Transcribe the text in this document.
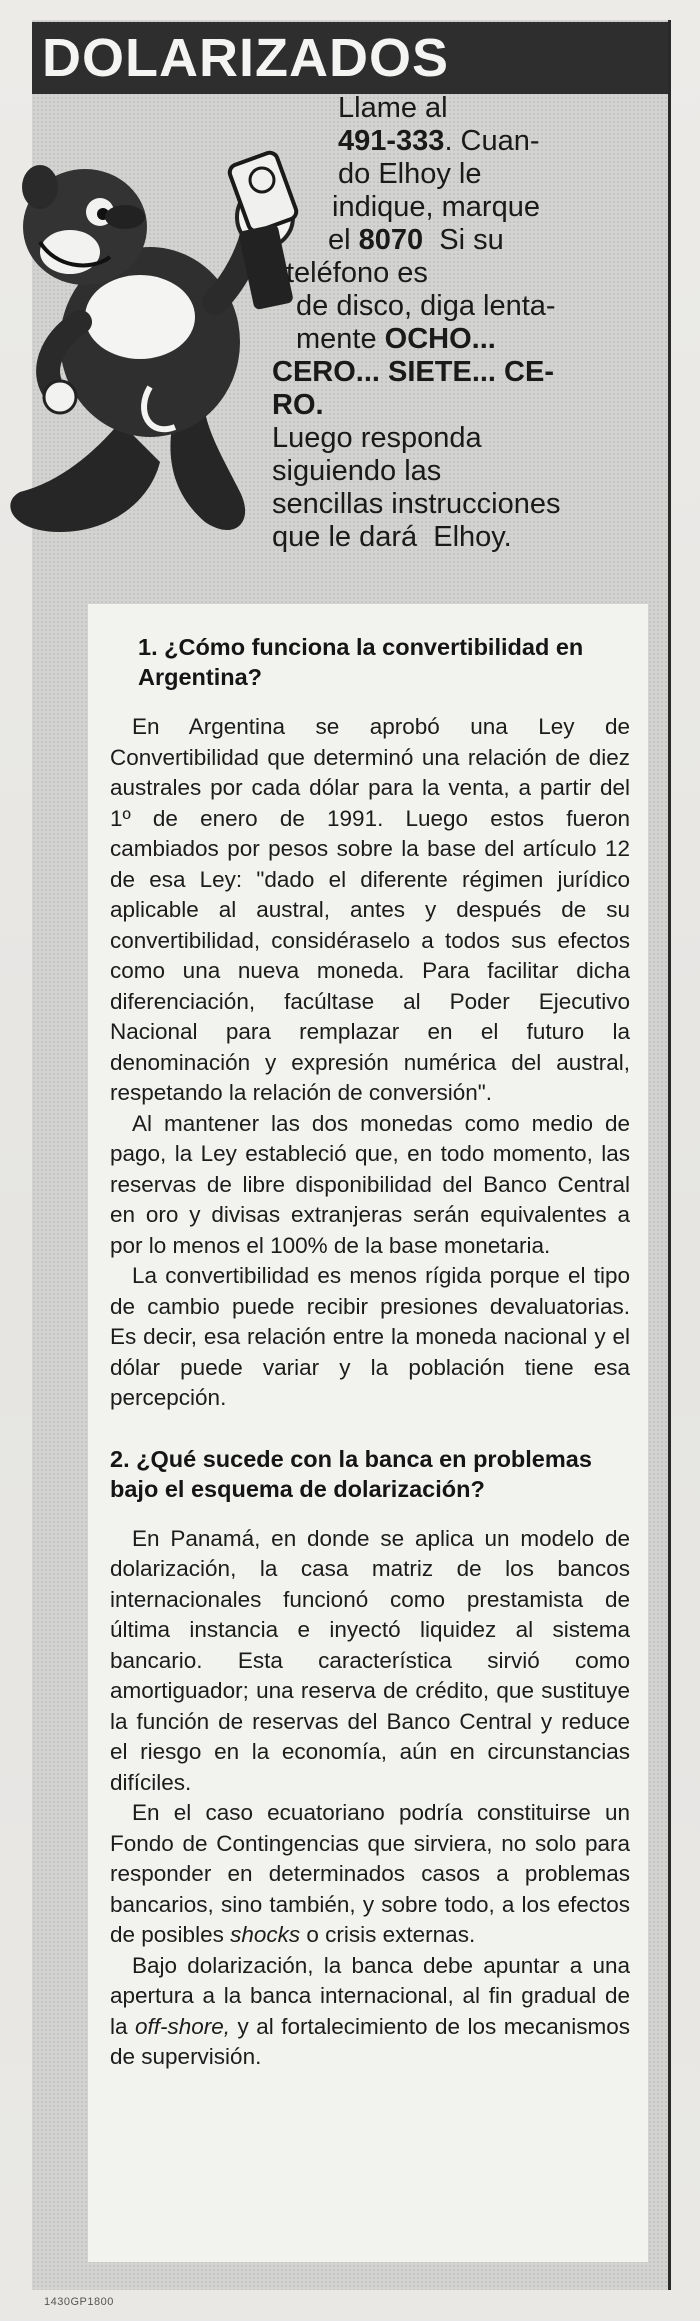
DOLARIZADOS
Llame al
491-333. Cuan-
do Elhoy le
indique, marque
el 8070  Si su
teléfono es
de disco, diga lenta-
mente OCHO...
CERO... SIETE... CE-
RO.
Luego responda
siguiendo las
sencillas instrucciones
que le dará  Elhoy.
1. ¿Cómo funciona la convertibilidad en Argentina?

En Argentina se aprobó una Ley de Convertibilidad que determinó una relación de diez australes por cada dólar para la venta, a partir del 1º de enero de 1991. Luego estos fueron cambiados por pesos sobre la base del artículo 12 de esa Ley: "dado el diferente régimen jurídico aplicable al austral, antes y después de su convertibilidad, considéraselo a todos sus efectos como una nueva moneda. Para facilitar dicha diferenciación, facúltase al Poder Ejecutivo Nacional para remplazar en el futuro la denominación y expresión numérica del austral, respetando la relación de conversión".

Al mantener las dos monedas como medio de pago, la Ley estableció que, en todo momento, las reservas de libre disponibilidad del Banco Central en oro y divisas extranjeras serán equivalentes a por lo menos el 100% de la base monetaria.

La convertibilidad es menos rígida porque el tipo de cambio puede recibir presiones devaluatorias. Es decir, esa relación entre la moneda nacional y el dólar puede variar y la población tiene esa percepción.

2. ¿Qué sucede con la banca en problemas bajo el esquema de dolarización?

En Panamá, en donde se aplica un modelo de dolarización, la casa matriz de los bancos internacionales funcionó como prestamista de última instancia e inyectó liquidez al sistema bancario. Esta característica sirvió como amortiguador; una reserva de crédito, que sustituye la función de reservas del Banco Central y reduce el riesgo en la economía, aún en circunstancias difíciles.

En el caso ecuatoriano podría constituirse un Fondo de Contingencias que sirviera, no solo para responder en determinados casos a problemas bancarios, sino también, y sobre todo, a los efectos de posibles shocks o crisis externas.

Bajo dolarización, la banca debe apuntar a una apertura a la banca internacional, al fin gradual de la off-shore, y al fortalecimiento de los mecanismos de supervisión.

1430GP1800
